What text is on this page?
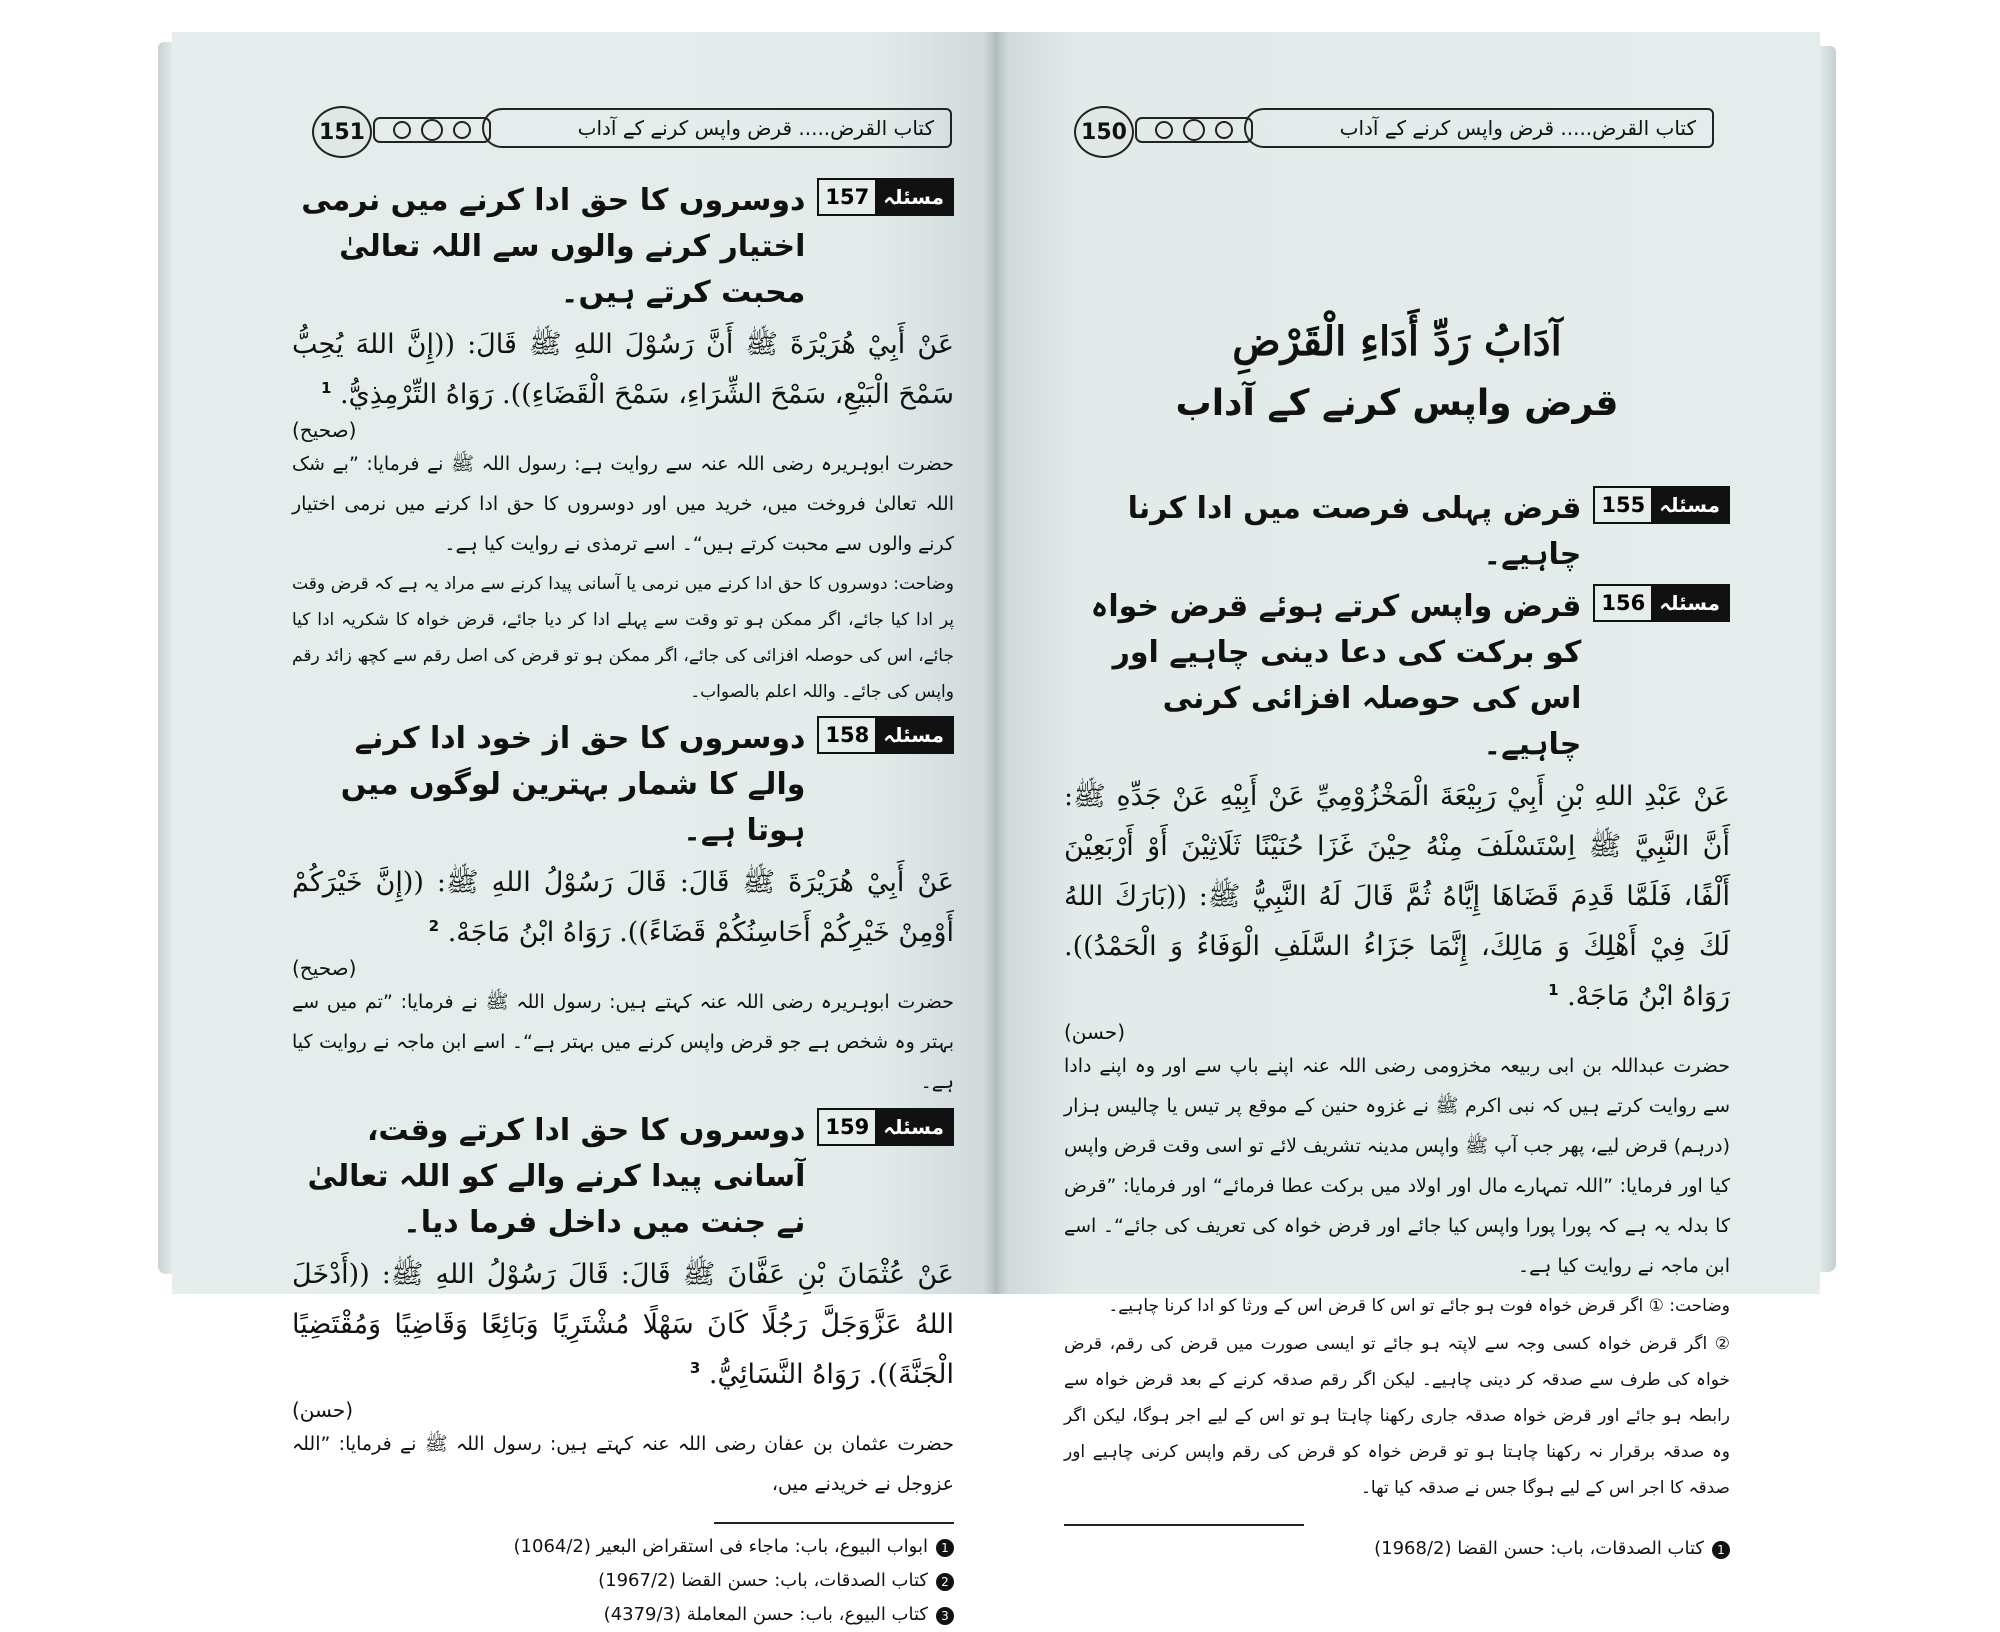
151	کتاب القرض..... قرض واپس کرنے کے آداب
157 مسئلہ
دوسروں کا حق ادا کرنے میں نرمی اختیار کرنے والوں سے اللہ تعالیٰ محبت کرتے ہیں۔
عَنْ أَبِيْ هُرَيْرَةَ ﷺ أَنَّ رَسُوْلَ اللهِ ﷺ قَالَ: ((إِنَّ اللهَ يُحِبُّ سَمْحَ الْبَيْعِ، سَمْحَ الشِّرَاءِ، سَمْحَ الْقَضَاءِ)). رَوَاهُ التِّرْمِذِيُّ. $^1$
(صحیح)
حضرت ابوہریرہ رضی اللہ عنہ سے روایت ہے: رسول اللہ ﷺ نے فرمایا: ”بے شک اللہ تعالیٰ فروخت میں، خرید میں اور دوسروں کا حق ادا کرنے میں نرمی اختیار کرنے والوں سے محبت کرتے ہیں“۔ اسے ترمذی نے روایت کیا ہے۔
وضاحت: دوسروں کا حق ادا کرنے میں نرمی یا آسانی پیدا کرنے سے مراد یہ ہے کہ قرض وقت پر ادا کیا جائے، اگر ممکن ہو تو وقت سے پہلے ادا کر دیا جائے، قرض خواہ کا شکریہ ادا کیا جائے، اس کی حوصلہ افزائی کی جائے، اگر ممکن ہو تو قرض کی اصل رقم سے کچھ زائد رقم واپس کی جائے۔ واللہ اعلم بالصواب۔
158 مسئلہ
دوسروں کا حق از خود ادا کرنے والے کا شمار بہترین لوگوں میں ہوتا ہے۔
عَنْ أَبِيْ هُرَيْرَةَ ﷺ قَالَ: قَالَ رَسُوْلُ اللهِ ﷺ: ((إِنَّ خَيْرَكُمْ أَوْمِنْ خَيْرِكُمْ أَحَاسِنُكُمْ قَضَاءً)). رَوَاهُ ابْنُ مَاجَهْ. $^2$
(صحیح)
حضرت ابوہریرہ رضی اللہ عنہ کہتے ہیں: رسول اللہ ﷺ نے فرمایا: ”تم میں سے بہتر وہ شخص ہے جو قرض واپس کرنے میں بہتر ہے“۔ اسے ابن ماجہ نے روایت کیا ہے۔
159 مسئلہ
دوسروں کا حق ادا کرتے وقت، آسانی پیدا کرنے والے کو اللہ تعالیٰ نے جنت میں داخل فرما دیا۔
عَنْ عُثْمَانَ بْنِ عَفَّانَ ﷺ قَالَ: قَالَ رَسُوْلُ اللهِ ﷺ: ((أَدْخَلَ اللهُ عَزَّوَجَلَّ رَجُلًا كَانَ سَهْلًا مُشْتَرِيًا وَبَائِعًا وَقَاضِيًا وَمُقْتَضِيًا الْجَنَّةَ)). رَوَاهُ النَّسَائِيُّ. $^3$
(حسن)
حضرت عثمان بن عفان رضی اللہ عنہ کہتے ہیں: رسول اللہ ﷺ نے فرمایا: ”اللہ عزوجل نے خریدنے میں،
1ابواب البیوع، باب: ماجاء فی استقراض البعیر (1064/2)
2کتاب الصدقات، باب: حسن القضا (1967/2)
3کتاب البیوع، باب: حسن المعاملة (4379/3)
150	کتاب القرض..... قرض واپس کرنے کے آداب
آدَابُ رَدِّ أَدَاءِ الْقَرْضِ
قرض واپس کرنے کے آداب
155 مسئلہ
قرض پہلی فرصت میں ادا کرنا چاہیے۔
156 مسئلہ
قرض واپس کرتے ہوئے قرض خواہ کو برکت کی دعا دینی چاہیے اور اس کی حوصلہ افزائی کرنی چاہیے۔
عَنْ عَبْدِ اللهِ بْنِ أَبِيْ رَبِيْعَةَ الْمَخْزُوْمِيِّ عَنْ أَبِيْهِ عَنْ جَدِّهِ ﷺ: أَنَّ النَّبِيَّ ﷺ اِسْتَسْلَفَ مِنْهُ حِيْنَ غَزَا حُنَيْنًا ثَلَاثِيْنَ أَوْ أَرْبَعِيْنَ أَلْفًا، فَلَمَّا قَدِمَ قَضَاهَا إِيَّاهُ ثُمَّ قَالَ لَهُ النَّبِيُّ ﷺ: ((بَارَكَ اللهُ لَكَ فِيْ أَهْلِكَ وَ مَالِكَ، إِنَّمَا جَزَاءُ السَّلَفِ الْوَفَاءُ وَ الْحَمْدُ)). رَوَاهُ ابْنُ مَاجَهْ. $^1$
(حسن)
حضرت عبداللہ بن ابی ربیعہ مخزومی رضی اللہ عنہ اپنے باپ سے اور وہ اپنے دادا سے روایت کرتے ہیں کہ نبی اکرم ﷺ نے غزوہ حنین کے موقع پر تیس یا چالیس ہزار (درہم) قرض لیے، پھر جب آپ ﷺ واپس مدینہ تشریف لائے تو اسی وقت قرض واپس کیا اور فرمایا: ”اللہ تمہارے مال اور اولاد میں برکت عطا فرمائے“ اور فرمایا: ”قرض کا بدلہ یہ ہے کہ پورا پورا واپس کیا جائے اور قرض خواہ کی تعریف کی جائے“۔ اسے ابن ماجہ نے روایت کیا ہے۔
وضاحت: ① اگر قرض خواہ فوت ہو جائے تو اس کا قرض اس کے ورثا کو ادا کرنا چاہیے۔
② اگر قرض خواہ کسی وجہ سے لاپتہ ہو جائے تو ایسی صورت میں قرض کی رقم، قرض خواہ کی طرف سے صدقہ کر دینی چاہیے۔ لیکن اگر رقم صدقہ کرنے کے بعد قرض خواہ سے رابطہ ہو جائے اور قرض خواہ صدقہ جاری رکھنا چاہتا ہو تو اس کے لیے اجر ہوگا، لیکن اگر وہ صدقہ برقرار نہ رکھنا چاہتا ہو تو قرض خواہ کو قرض کی رقم واپس کرنی چاہیے اور صدقہ کا اجر اس کے لیے ہوگا جس نے صدقہ کیا تھا۔
1کتاب الصدقات، باب: حسن القضا (1968/2)
